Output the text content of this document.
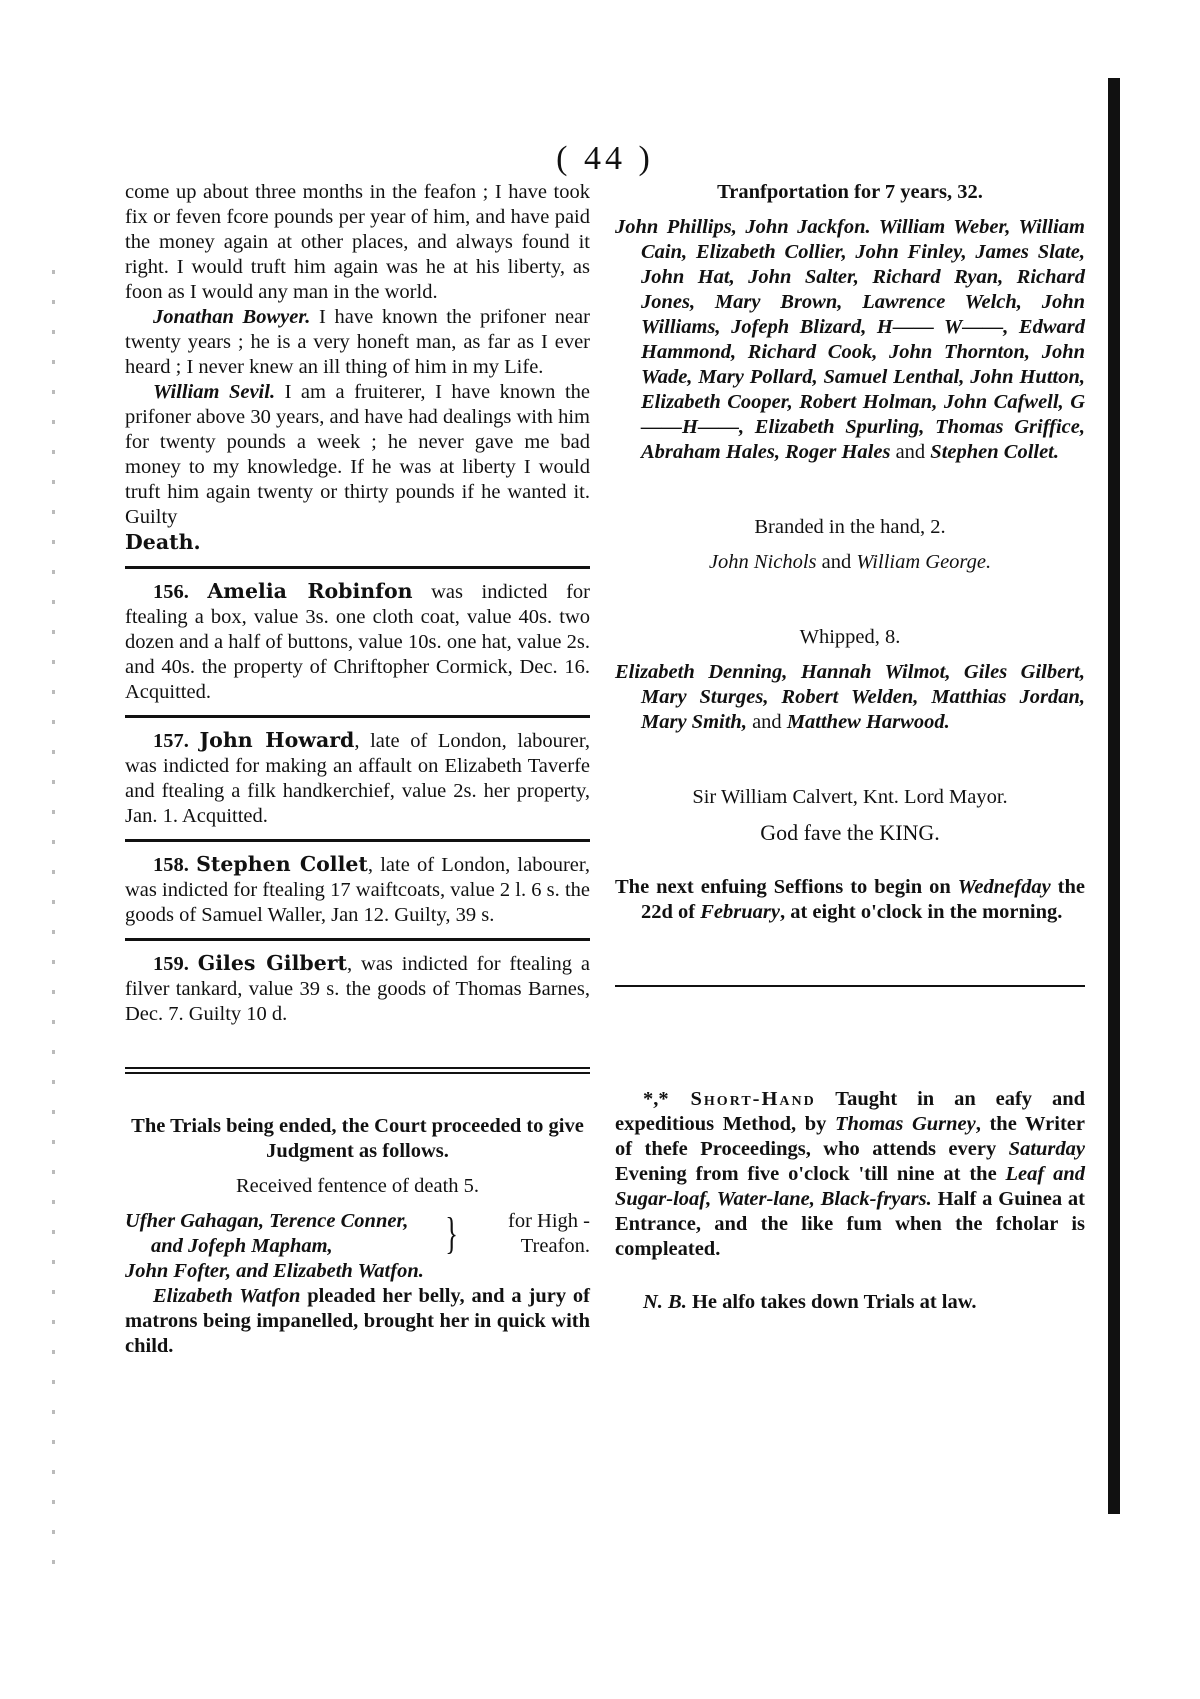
( 44 )

come up about three months in the feafon ; I have took fix or feven fcore pounds per year of him, and have paid the money again at other places, and always found it right. I would truft him again was he at his liberty, as foon as I would any man in the world.

Jonathan Bowyer. I have known the prifoner near twenty years ; he is a very honeft man, as far as I ever heard ; I never knew an ill thing of him in my Life.

William Sevil. I am a fruiterer, I have known the prifoner above 30 years, and have had dealings with him for twenty pounds a week ; he never gave me bad money to my knowledge. If he was at liberty I would truft him again twenty or thirty pounds if he wanted it. Guilty

Death.

156. Amelia Robinfon was indicted for ftealing a box, value 3s. one cloth coat, value 40s. two dozen and a half of buttons, value 10s. one hat, value 2s. and 40s. the property of Chriftopher Cormick, Dec. 16. Acquitted.

157. John Howard, late of London, labourer, was indicted for making an affault on Elizabeth Taverfe and ftealing a filk handkerchief, value 2s. her property, Jan. 1. Acquitted.

158. Stephen Collet, late of London, labourer, was indicted for ftealing 17 waiftcoats, value 2 l. 6 s. the goods of Samuel Waller, Jan 12. Guilty, 39 s.

159. Giles Gilbert, was indicted for ftealing a filver tankard, value 39 s. the goods of Thomas Barnes, Dec. 7. Guilty 10 d.

The Trials being ended, the Court proceeded to give Judgment as follows.

Received fentence of death 5.

Ufher Gahagan, Terence Conner,
and Jofeph Mapham,	}	for High -
Treafon.

John Fofter, and Elizabeth Watfon.

Elizabeth Watfon pleaded her belly, and a jury of matrons being impanelled, brought her in quick with child.

Tranfportation for 7 years, 32.

John Phillips, John Jackfon. William Weber, William Cain, Elizabeth Collier, John Finley, James Slate, John Hat, John Salter, Richard Ryan, Richard Jones, Mary Brown, Lawrence Welch, John Williams, Jofeph Blizard, H—— W——, Edward Hammond, Richard Cook, John Thornton, John Wade, Mary Pollard, Samuel Lenthal, John Hutton, Elizabeth Cooper, Robert Holman, John Cafwell, G——H——, Elizabeth Spurling, Thomas Griffice, Abraham Hales, Roger Hales and Stephen Collet.

Branded in the hand, 2.

John Nichols and William George.

Whipped, 8.

Elizabeth Denning, Hannah Wilmot, Giles Gilbert, Mary Sturges, Robert Welden, Matthias Jordan, Mary Smith, and Matthew Harwood.

Sir William Calvert, Knt. Lord Mayor.

God fave the KING.

The next enfuing Seffions to begin on Wednefday the 22d of February, at eight o'clock in the morning.

*,* Short-Hand Taught in an eafy and expeditious Method, by Thomas Gurney, the Writer of thefe Proceedings, who attends every Saturday Evening from five o'clock 'till nine at the Leaf and Sugar-loaf, Water-lane, Black-fryars. Half a Guinea at Entrance, and the like fum when the fcholar is compleated.

N. B. He alfo takes down Trials at law.
